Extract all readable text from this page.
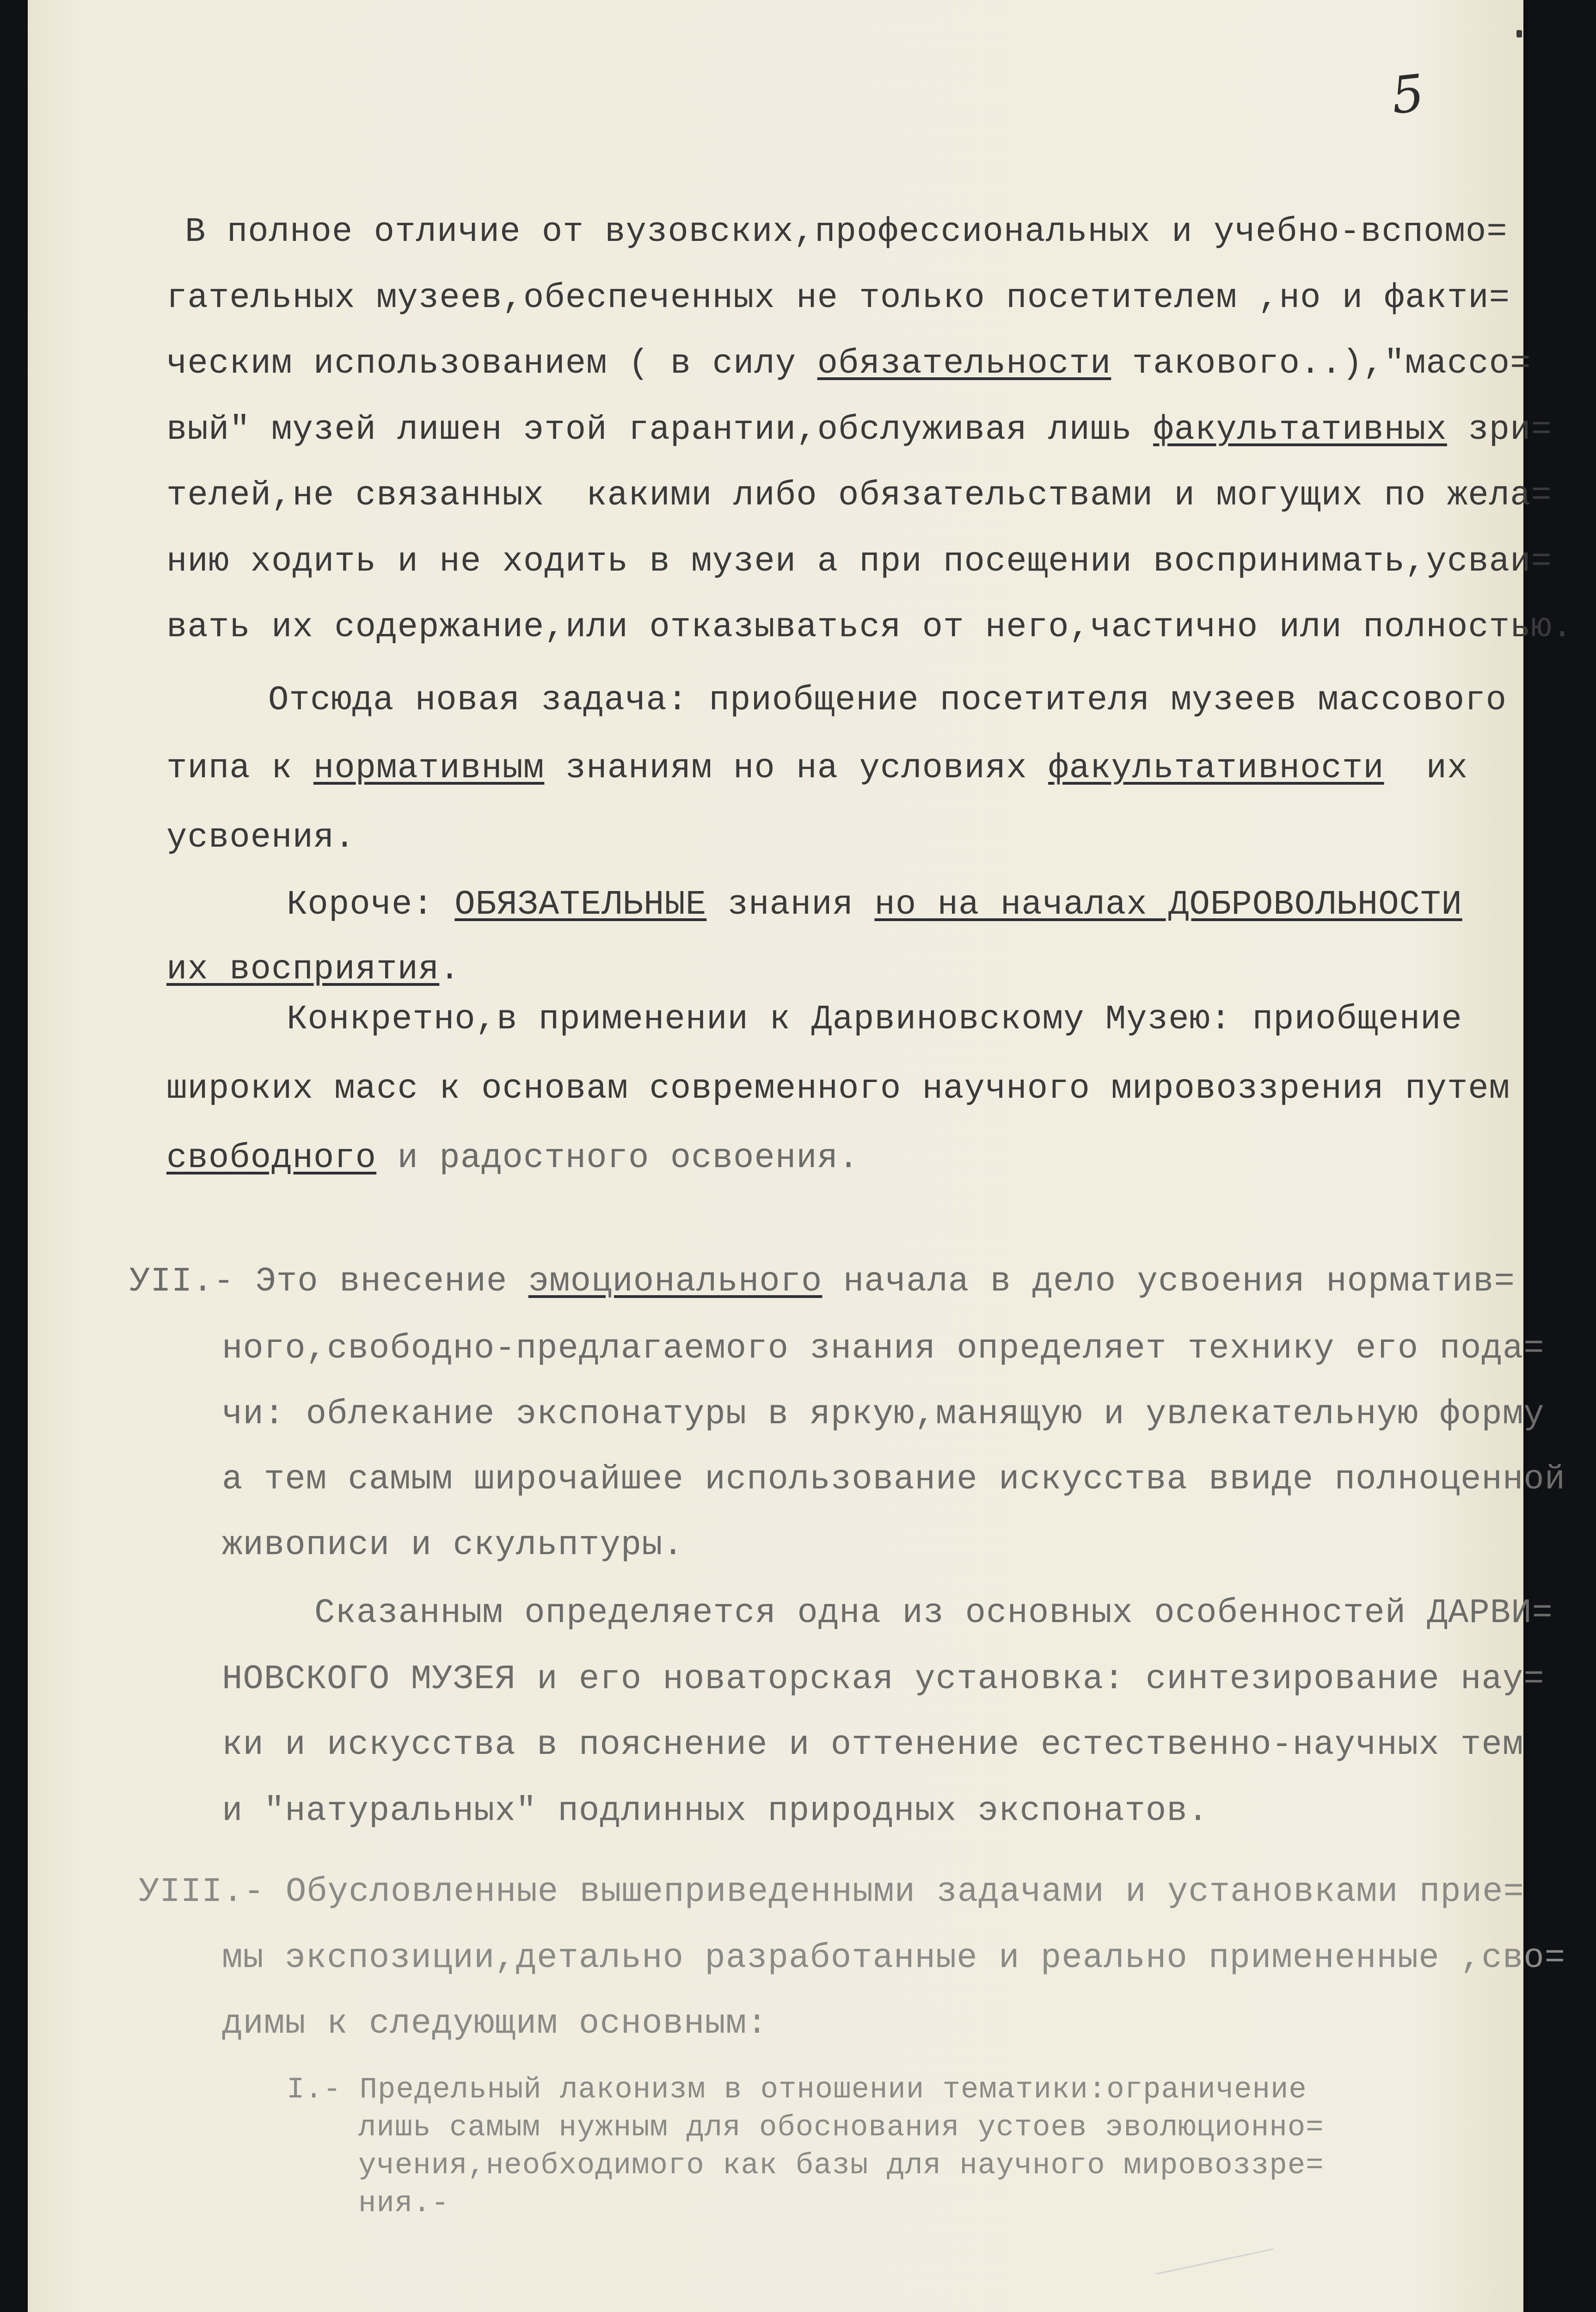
5
В полное отличие от вузовских,профессиональных и учебно-вспомо=
гательных музеев,обеспеченных не только посетителем ,но и факти=
ческим использованием ( в силу обязательности такового..),"массо=
вый" музей лишен этой гарантии,обслуживая лишь факультативных зри=
телей,не связанных  какими либо обязательствами и могущих по жела=
нию ходить и не ходить в музеи а при посещении воспринимать,усваи=
вать их содержание,или отказываться от него,частично или полностью.
Отсюда новая задача: приобщение посетителя музеев массового
типа к нормативным знаниям но на условиях факультативности  их
усвоения.
Короче: ОБЯЗАТЕЛЬНЫЕ знания но на началах ДОБРОВОЛЬНОСТИ
их восприятия.
Конкретно,в применении к Дарвиновскому Музею: приобщение
широких масс к основам современного научного мировоззрения путем
свободного и радостного освоения.
УII.- Это внесение эмоционального начала в дело усвоения норматив=
ного,свободно-предлагаемого знания определяет технику его пода=
чи: облекание экспонатуры в яркую,манящую и увлекательную форму
а тем самым широчайшее использование искусства ввиде полноценной
живописи и скульптуры.
Сказанным определяется одна из основных особенностей ДАРВИ=
НОВСКОГО МУЗЕЯ и его новаторская установка: синтезирование нау=
ки и искусства в пояснение и оттенение естественно-научных тем
и "натуральных" подлинных природных экспонатов.
УIII.- Обусловленные вышеприведенными задачами и установками прие=
мы экспозиции,детально разработанные и реально примененные ,сво=
димы к следующим основным:
I.- Предельный лаконизм в отношении тематики:ограничение
лишь самым нужным для обоснования устоев эволюционно=
учения,необходимого как базы для научного мировоззре=
ния.-
